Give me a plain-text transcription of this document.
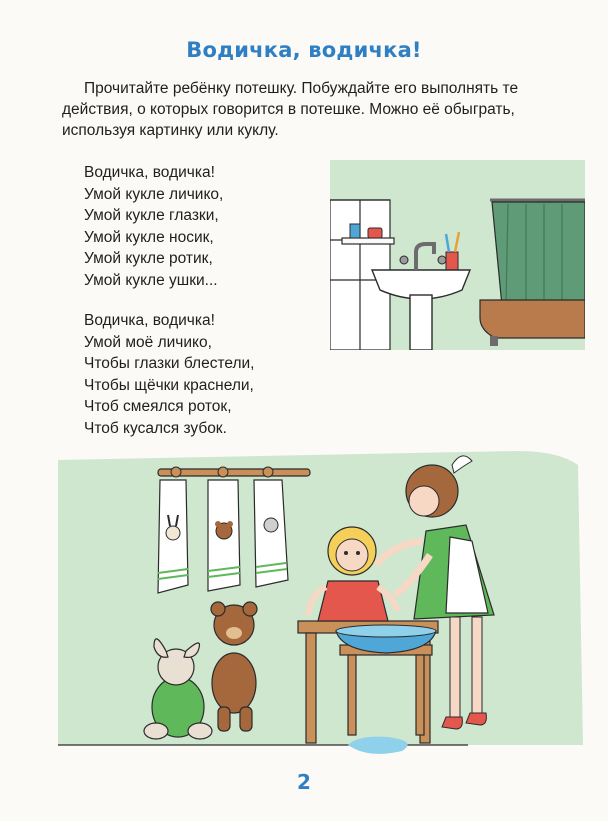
Водичка, водичка!

Прочитайте ребёнку потешку. Побуждайте его выполнять те действия, о которых говорится в потешке. Можно её обыграть, используя картинку или куклу.

Водичка, водичка!
Умой кукле личико,
Умой кукле глазки,
Умой кукле носик,
Умой кукле ротик,
Умой кукле ушки...
Водичка, водичка!
Умой моё личико,
Чтобы глазки блестели,
Чтобы щёчки краснели,
Чтоб смеялся роток,
Чтоб кусался зубок.
2
